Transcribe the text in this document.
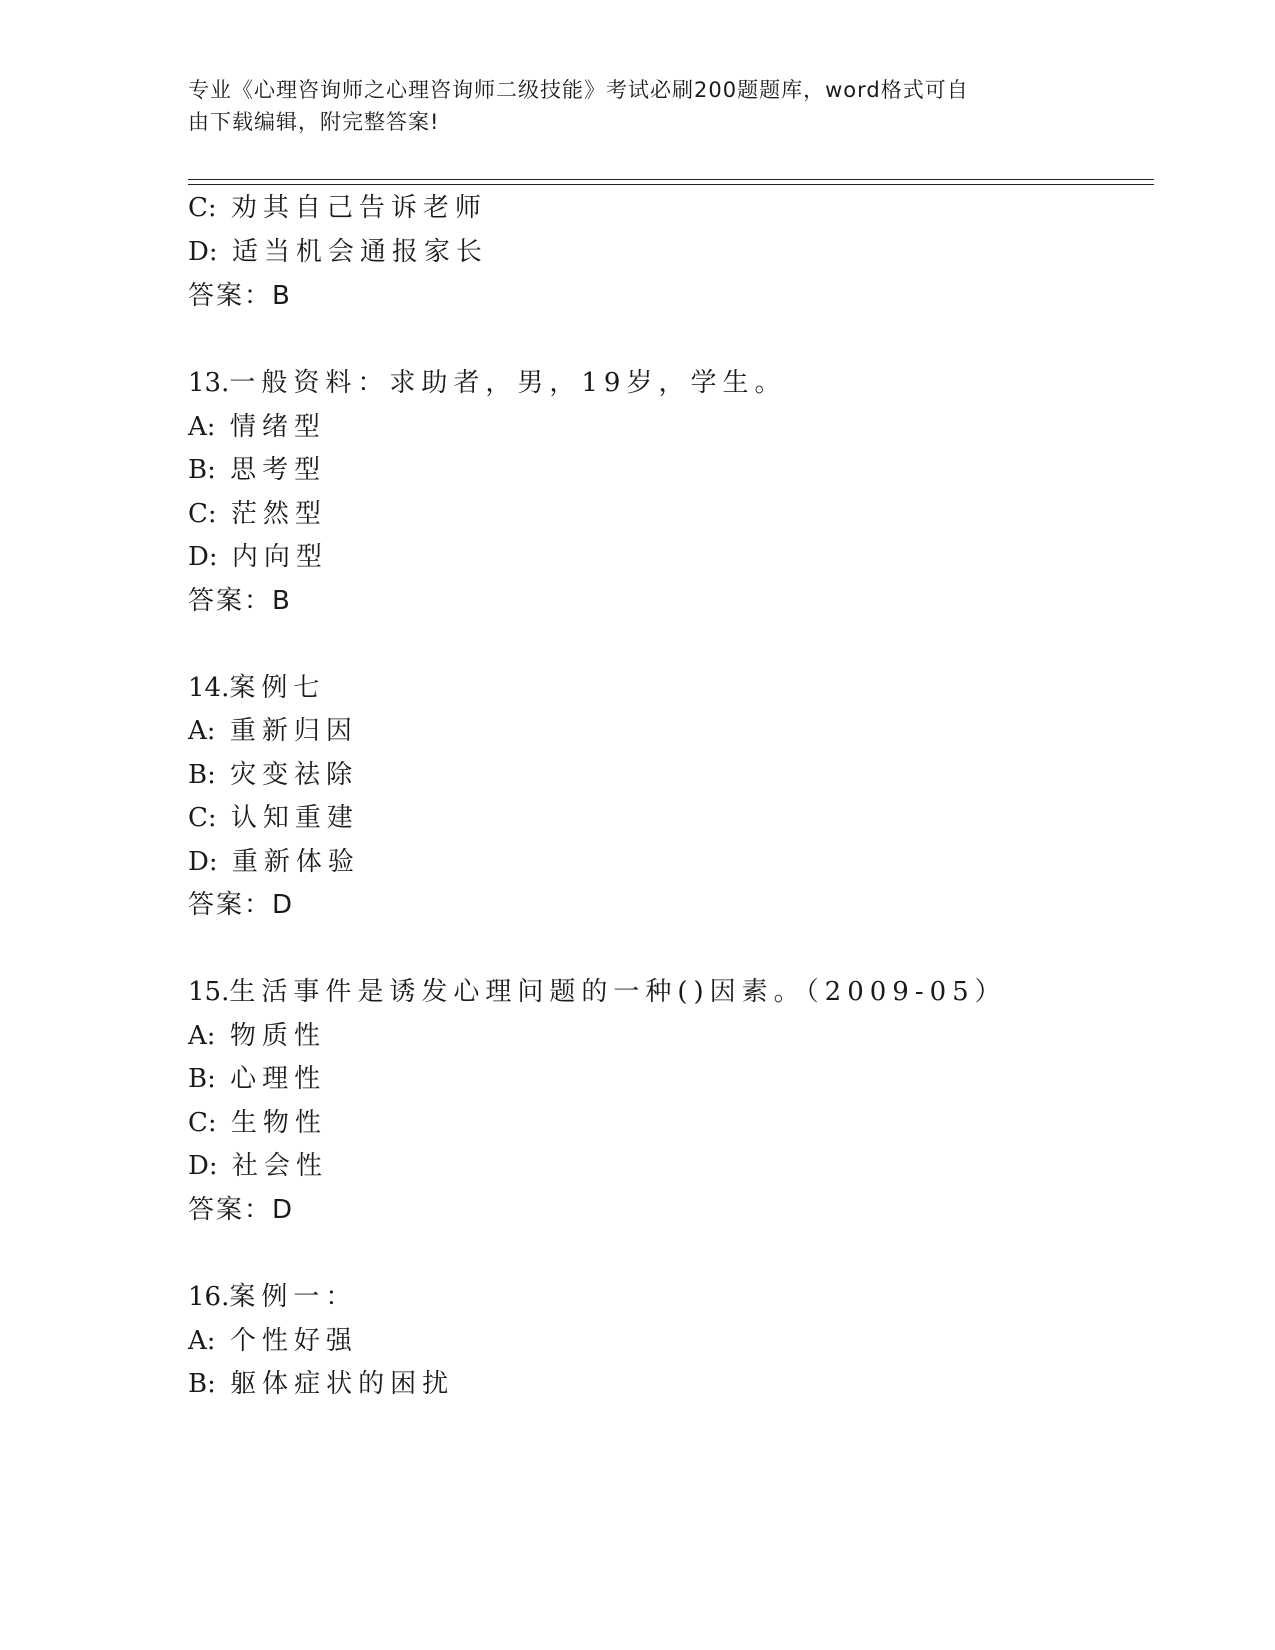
专业《心理咨询师之心理咨询师二级技能》考试必刷200题题库，word格式可自
由下载编辑，附完整答案!
C: 劝其自己告诉老师
D: 适当机会通报家长
答案：B
13.一般资料：求助者，男，19岁，学生。
A: 情绪型
B: 思考型
C: 茫然型
D: 内向型
答案：B
14.案例七
A: 重新归因
B: 灾变祛除
C: 认知重建
D: 重新体验
答案：D
15.生活事件是诱发心理问题的一种()因素。（2009-05）
A: 物质性
B: 心理性
C: 生物性
D: 社会性
答案：D
16.案例一：
A: 个性好强
B: 躯体症状的困扰
